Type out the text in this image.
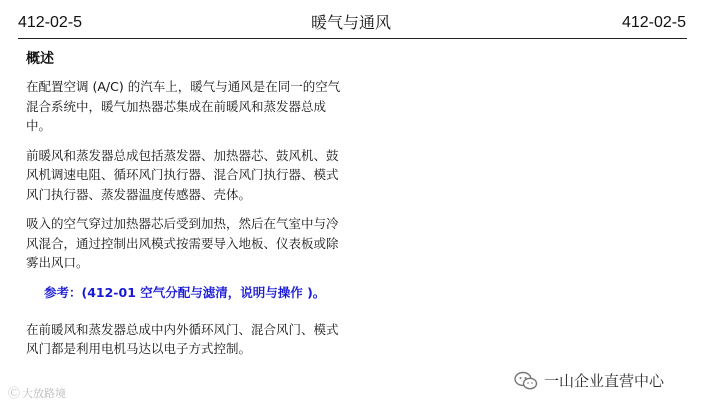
412-02-5	暖气与通风	412-02-5
概述

在配置空调 (A/C) 的汽车上，暖气与通风是在同一的空气混合系统中，暖气加热器芯集成在前暖风和蒸发器总成中。

前暖风和蒸发器总成包括蒸发器、加热器芯、鼓风机、鼓风机调速电阻、循环风门执行器、混合风门执行器、模式风门执行器、蒸发器温度传感器、壳体。

吸入的空气穿过加热器芯后受到加热，然后在气室中与冷风混合，通过控制出风模式按需要导入地板、仪表板或除雾出风口。

参考：(412-01 空气分配与滤清，说明与操作 )。

在前暖风和蒸发器总成中内外循环风门、混合风门、模式风门都是利用电机马达以电子方式控制。

Ⓒ 大放路境
一山企业直营中心
